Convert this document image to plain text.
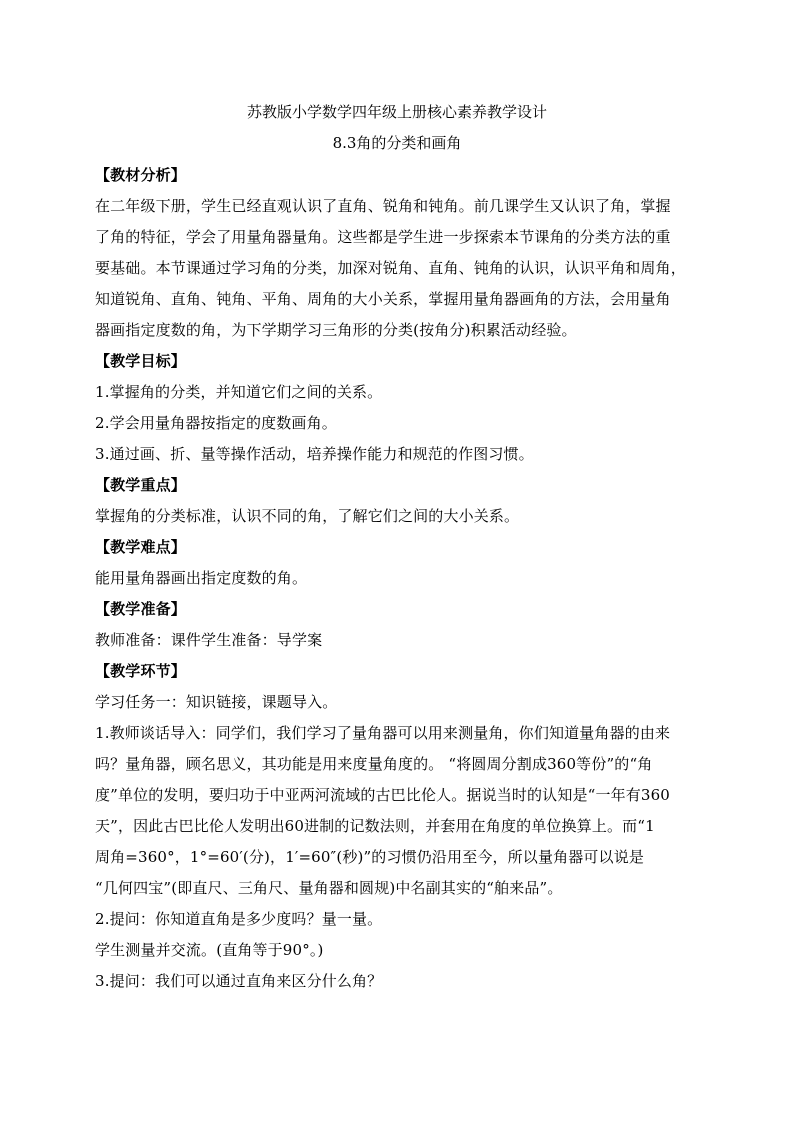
苏教版小学数学四年级上册核心素养教学设计
8.3角的分类和画角
【教材分析】
在二年级下册，学生已经直观认识了直角、锐角和钝角。前几课学生又认识了角，掌握
了角的特征，学会了用量角器量角。这些都是学生进一步探索本节课角的分类方法的重
要基础。本节课通过学习角的分类，加深对锐角、直角、钝角的认识，认识平角和周角，
知道锐角、直角、钝角、平角、周角的大小关系，掌握用量角器画角的方法，会用量角
器画指定度数的角，为下学期学习三角形的分类(按角分)积累活动经验。
【教学目标】
1.掌握角的分类，并知道它们之间的关系。
2.学会用量角器按指定的度数画角。
3.通过画、折、量等操作活动，培养操作能力和规范的作图习惯。
【教学重点】
掌握角的分类标准，认识不同的角，了解它们之间的大小关系。
【教学难点】
能用量角器画出指定度数的角。
【教学准备】
教师准备：课件学生准备：导学案
【教学环节】
学习任务一：知识链接，课题导入。
1.教师谈话导入：同学们，我们学习了量角器可以用来测量角，你们知道量角器的由来
吗？量角器，顾名思义，其功能是用来度量角度的。 “将圆周分割成360等份”的“角
度”单位的发明，要归功于中亚两河流域的古巴比伦人。据说当时的认知是“一年有360
天”，因此古巴比伦人发明出60进制的记数法则，并套用在角度的单位换算上。而“1
周角=360°，1°=60′(分)，1′=60″(秒)”的习惯仍沿用至今，所以量角器可以说是
“几何四宝”(即直尺、三角尺、量角器和圆规)中名副其实的“舶来品”。
2.提问：你知道直角是多少度吗？量一量。
学生测量并交流。(直角等于90°。)
3.提问：我们可以通过直角来区分什么角？
